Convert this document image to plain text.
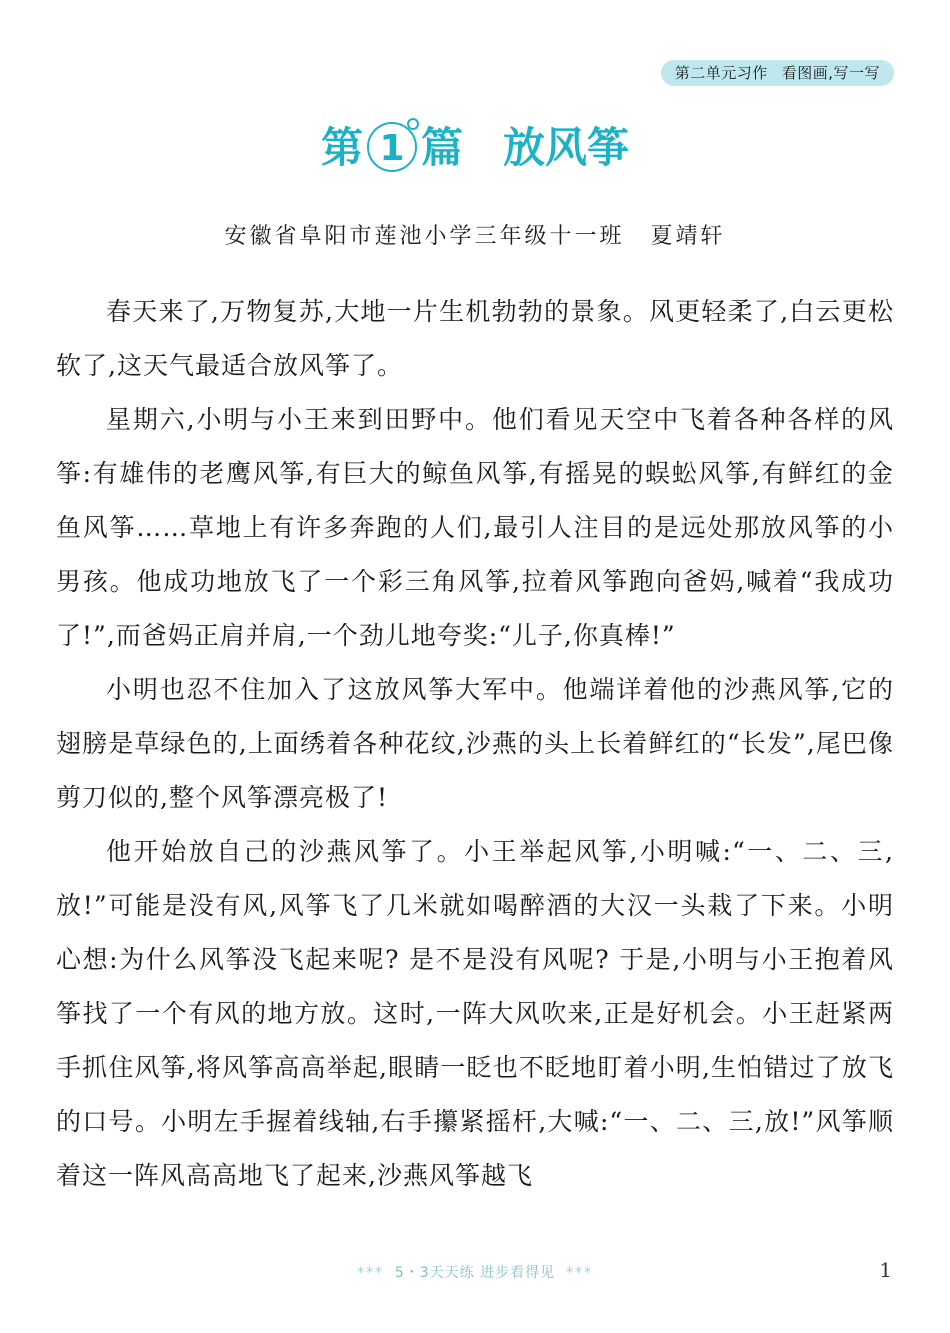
第二单元习作 看图画,写一写
第 1 篇 放风筝
安徽省阜阳市莲池小学三年级十一班 夏靖轩

春天来了,万物复苏,大地一片生机勃勃的景象。风更轻柔了,白云更松软了,这天气最适合放风筝了。

星期六,小明与小王来到田野中。他们看见天空中飞着各种各样的风筝:有雄伟的老鹰风筝,有巨大的鲸鱼风筝,有摇晃的蜈蚣风筝,有鲜红的金鱼风筝……草地上有许多奔跑的人们,最引人注目的是远处那放风筝的小男孩。他成功地放飞了一个彩三角风筝,拉着风筝跑向爸妈,喊着“我成功了!”,而爸妈正肩并肩,一个劲儿地夸奖:“儿子,你真棒!”

小明也忍不住加入了这放风筝大军中。他端详着他的沙燕风筝,它的翅膀是草绿色的,上面绣着各种花纹,沙燕的头上长着鲜红的“长发”,尾巴像剪刀似的,整个风筝漂亮极了!

他开始放自己的沙燕风筝了。小王举起风筝,小明喊:“一、二、三,放!”可能是没有风,风筝飞了几米就如喝醉酒的大汉一头栽了下来。小明心想:为什么风筝没飞起来呢? 是不是没有风呢? 于是,小明与小王抱着风筝找了一个有风的地方放。这时,一阵大风吹来,正是好机会。小王赶紧两手抓住风筝,将风筝高高举起,眼睛一眨也不眨地盯着小明,生怕错过了放飞的口号。小明左手握着线轴,右手攥紧摇杆,大喊:“一、二、三,放!”风筝顺着这一阵风高高地飞了起来,沙燕风筝越飞

*** 5・3天天练 进步看得见 ***	1
